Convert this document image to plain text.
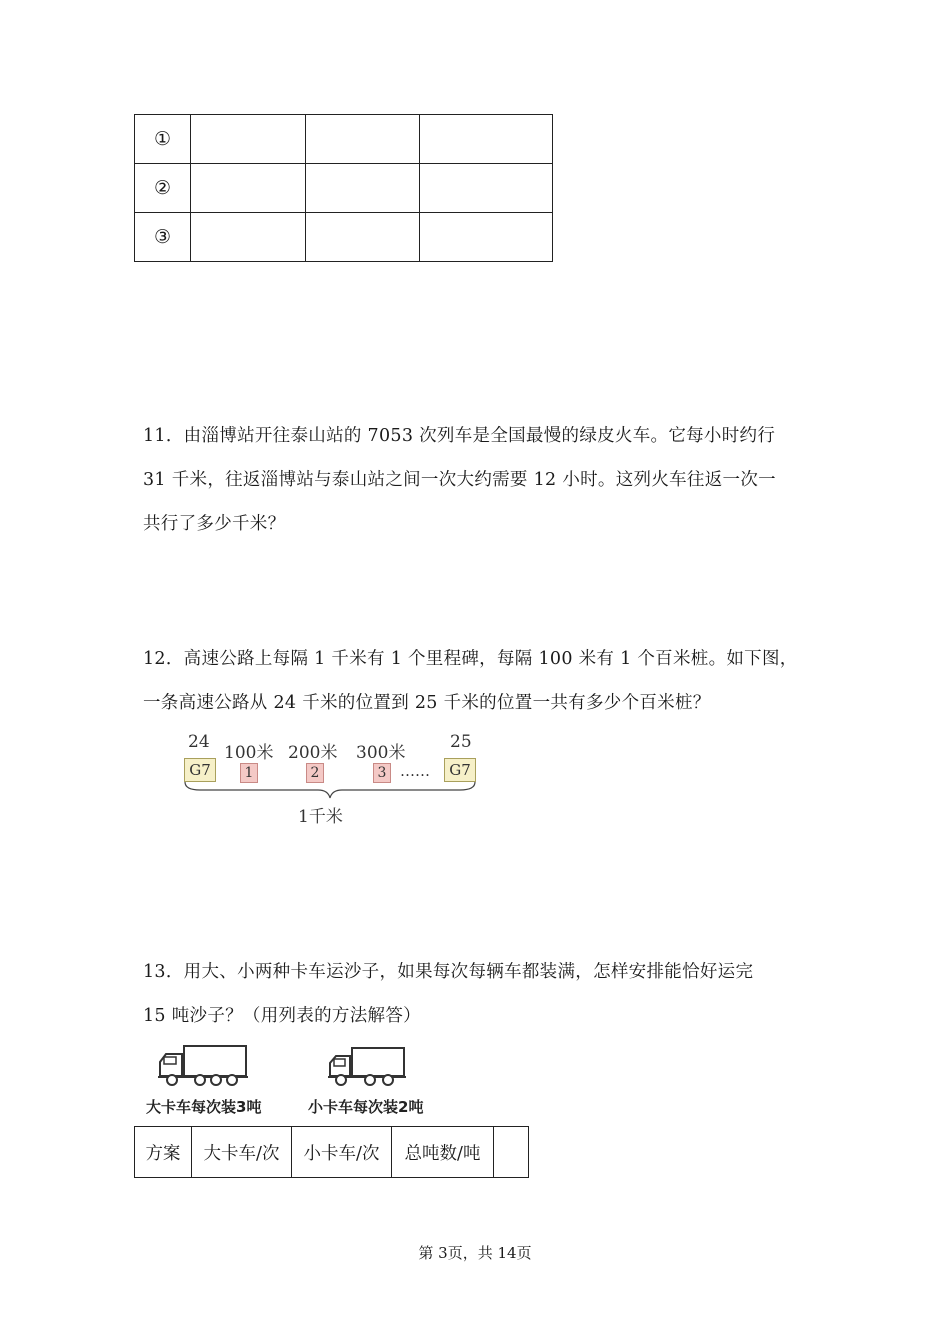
①			
②			
③			

11．由淄博站开往泰山站的 7053 次列车是全国最慢的绿皮火车。它每小时约行

31 千米，往返淄博站与泰山站之间一次大约需要 12 小时。这列火车往返一次一

共行了多少千米？

12．高速公路上每隔 1 千米有 1 个里程碑，每隔 100 米有 1 个百米桩。如下图，

一条高速公路从 24 千米的位置到 25 千米的位置一共有多少个百米桩？

24
100米 200米 300米
25
G7	1	2	3 ……	G7
1千米

13．用大、小两种卡车运沙子，如果每次每辆车都装满，怎样安排能恰好运完

15 吨沙子？（用列表的方法解答）

大卡车每次装3吨	小卡车每次装2吨
方案	大卡车/次	小卡车/次	总吨数/吨	
第 3页，共 14页
